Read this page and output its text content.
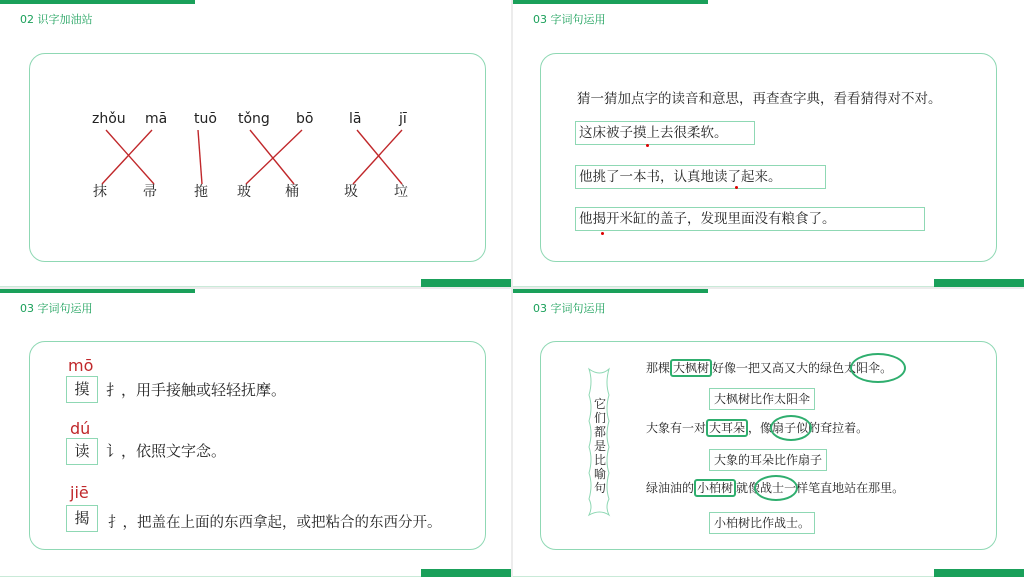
02 识字加油站
zhǒu mā tuō tǒng bō	lā	jī
抹	帚	拖 玻 桶	圾	垃
03 字词句运用
猜一猜加点字的读音和意思，再查查字典，看看猜得对不对。
这床被子摸上去很柔软。
他挑了一本书，认真地读了起来。
他揭开米缸的盖子，发现里面没有粮食了。
03 字词句运用
mō
摸	扌，用手接触或轻轻抚摩。
dú
读	讠，依照文字念。
jiē
揭	扌，把盖在上面的东西拿起，或把粘合的东西分开。
03 字词句运用
它们都是比喻句
那棵 大枫树 好像一把又高又大的绿色太阳伞。
大枫树比作太阳伞
大象有一对 大耳朵 ，像扇子似的耷拉着。
大象的耳朵比作扇子
绿油油的 小柏树 就像战士一样笔直地站在那里。
小柏树比作战士。
